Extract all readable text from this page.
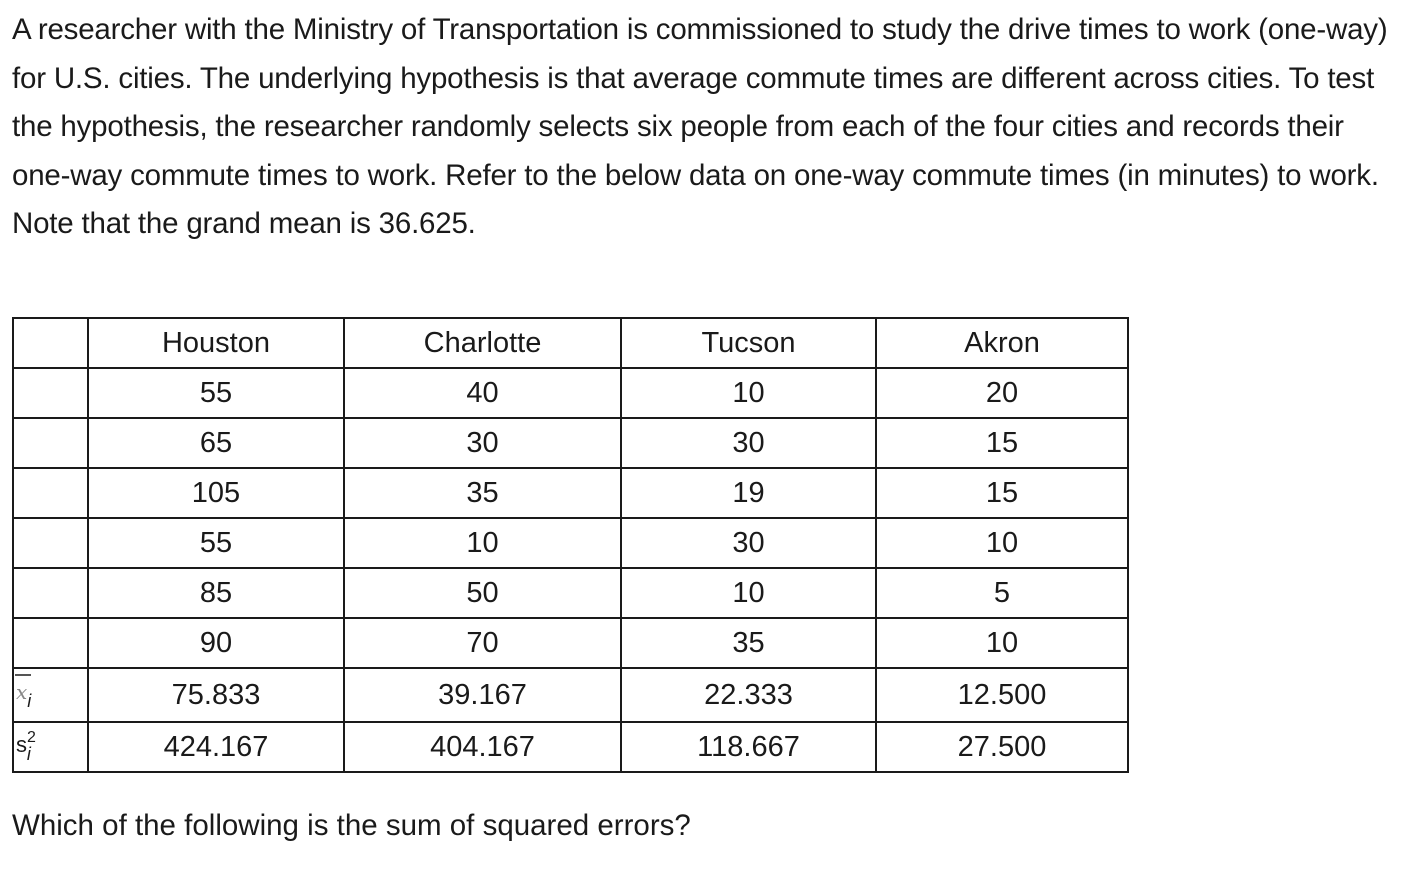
A researcher with the Ministry of Transportation is commissioned to study the drive times to work (one-way) for U.S. cities. The underlying hypothesis is that average commute times are different across cities. To test the hypothesis, the researcher randomly selects six people from each of the four cities and records their one-way commute times to work. Refer to the below data on one-way commute times (in minutes) to work. Note that the grand mean is 36.625.

	Houston	Charlotte	Tucson	Akron
	55	40	10	20
	65	30	30	15
	105	35	19	15
	55	10	30	10
	85	50	10	5
	90	70	35	10
$x_i$	75.833	39.167	22.333	12.500
$s^2_i$	424.167	404.167	118.667	27.500

Which of the following is the sum of squared errors?
